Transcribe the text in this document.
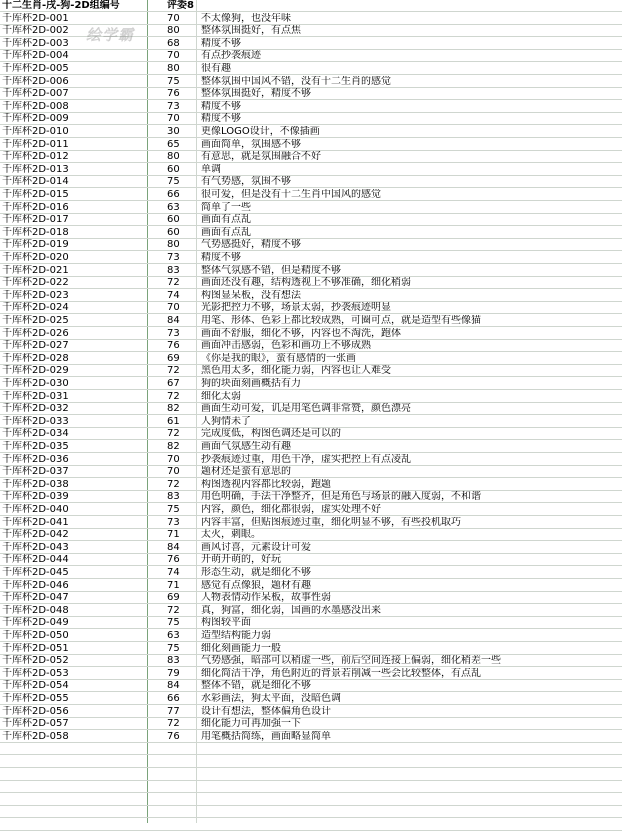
十二生肖-戌-狗-2D组编号	评委8
千库杯2D-001	70	不太像狗，也没年味
千库杯2D-002	80	整体氛围挺好，有点焦
千库杯2D-003	68	精度不够
千库杯2D-004	70	有点抄袭痕迹
千库杯2D-005	80	很有趣
千库杯2D-006	75	整体氛围中国风不错，没有十二生肖的感觉
千库杯2D-007	76	整体氛围挺好，精度不够
千库杯2D-008	73	精度不够
千库杯2D-009	70	精度不够
千库杯2D-010	30	更像LOGO设计，不像插画
千库杯2D-011	65	画面简单，氛围感不够
千库杯2D-012	80	有意思，就是氛围融合不好
千库杯2D-013	60	单调
千库杯2D-014	75	有气势感，氛围不够
千库杯2D-015	66	很可爱，但是没有十二生肖中国风的感觉
千库杯2D-016	63	简单了一些
千库杯2D-017	60	画面有点乱
千库杯2D-018	60	画面有点乱
千库杯2D-019	80	气势感挺好，精度不够
千库杯2D-020	73	精度不够
千库杯2D-021	83	整体气氛感不错，但是精度不够
千库杯2D-022	72	画面还没有趣，结构透视上不够准确，细化稍弱
千库杯2D-023	74	构图显呆板，没有想法
千库杯2D-024	70	光影把控力不够，场景太弱，抄袭痕迹明显
千库杯2D-025	84	用笔、形体、色彩上都比较成熟，可圈可点，就是造型有些像猫
千库杯2D-026	73	画面不舒服，细化不够，内容也不淘洗，跑体
千库杯2D-027	76	画面冲击感弱，色彩和画功上不够成熟
千库杯2D-028	69	《你是我的眼》，蛮有感情的一张画
千库杯2D-029	72	黑色用太多，细化能力弱，内容也让人难受
千库杯2D-030	67	狗的块面刻画概括有力
千库杯2D-031	72	细化太弱
千库杯2D-032	82	画面生动可爱，讥是用笔色调非常赞，颜色漂亮
千库杯2D-033	61	人狗情未了
千库杯2D-034	72	完成度低，构图色调还是可以的
千库杯2D-035	82	画面气氛感生动有趣
千库杯2D-036	70	抄袭痕迹过重，用色干净，虚实把控上有点凌乱
千库杯2D-037	70	题材还是蛮有意思的
千库杯2D-038	72	构图透视内容都比较弱，跑题
千库杯2D-039	83	用色明确，手法干净整齐，但是角色与场景的融入度弱，不和谐
千库杯2D-040	75	内容，颜色，细化都很弱，虚实处理不好
千库杯2D-041	73	内容丰富，但贴图痕迹过重，细化明显不够，有些投机取巧
千库杯2D-042	71	太火，刺眼。
千库杯2D-043	84	画风讨喜，元素设计可爱
千库杯2D-044	76	开萌开萌的，好玩
千库杯2D-045	74	形态生动，就是细化不够
千库杯2D-046	71	感觉有点像狼，题材有趣
千库杯2D-047	69	人物表情动作呆板，故事性弱
千库杯2D-048	72	真，狗富，细化弱，国画的水墨感没出来
千库杯2D-049	75	构图较平面
千库杯2D-050	63	造型结构能力弱
千库杯2D-051	75	细化刻画能力一般
千库杯2D-052	83	气势感强，暗部可以稍虚一些，前后空间连接上偏弱，细化稍差一些
千库杯2D-053	79	细化简洁干净，角色附近的背景若削减一些会比较整体，有点乱
千库杯2D-054	84	整体不错，就是细化不够
千库杯2D-055	66	水彩画法，狗太平面，没暗色调
千库杯2D-056	77	设计有想法，整体偏角色设计
千库杯2D-057	72	细化能力可再加强一下
千库杯2D-058	76	用笔概括简练，画面略显简单
绘学霸
